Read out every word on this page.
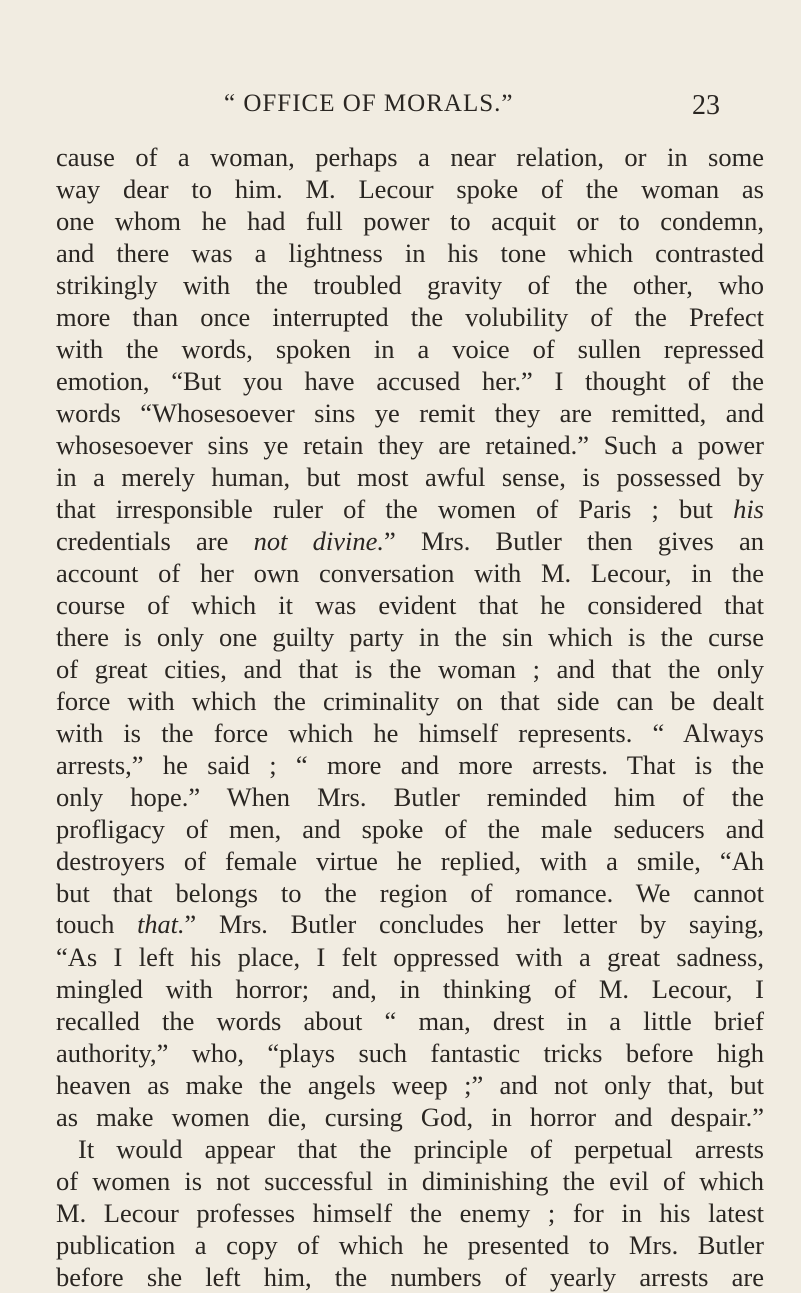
“ OFFICE OF MORALS.”	23
cause of a woman, perhaps a near relation, or in some
way dear to him. M. Lecour spoke of the woman as
one whom he had full power to acquit or to condemn,
and there was a lightness in his tone which contrasted
strikingly with the troubled gravity of the other, who
more than once interrupted the volubility of the Prefect
with the words, spoken in a voice of sullen repressed
emotion, “But you have accused her.” I thought of the
words “Whosesoever sins ye remit they are remitted, and
whosesoever sins ye retain they are retained.” Such a power
in a merely human, but most awful sense, is possessed by
that irresponsible ruler of the women of Paris ; but his
credentials are not divine.” Mrs. Butler then gives an
account of her own conversation with M. Lecour, in the
course of which it was evident that he considered that
there is only one guilty party in the sin which is the curse
of great cities, and that is the woman ; and that the only
force with which the criminality on that side can be dealt
with is the force which he himself represents. “ Always
arrests,” he said ; “ more and more arrests. That is the
only hope.” When Mrs. Butler reminded him of the
profligacy of men, and spoke of the male seducers and
destroyers of female virtue he replied, with a smile, “Ah
but that belongs to the region of romance. We cannot
touch that.” Mrs. Butler concludes her letter by saying,
“As I left his place, I felt oppressed with a great sadness,
mingled with horror; and, in thinking of M. Lecour, I
recalled the words about “ man, drest in a little brief
authority,” who, “plays such fantastic tricks before high
heaven as make the angels weep ;” and not only that, but
as make women die, cursing God, in horror and despair.”
It would appear that the principle of perpetual arrests
of women is not successful in diminishing the evil of which
M. Lecour professes himself the enemy ; for in his latest
publication a copy of which he presented to Mrs. Butler
before she left him, the numbers of yearly arrests are
